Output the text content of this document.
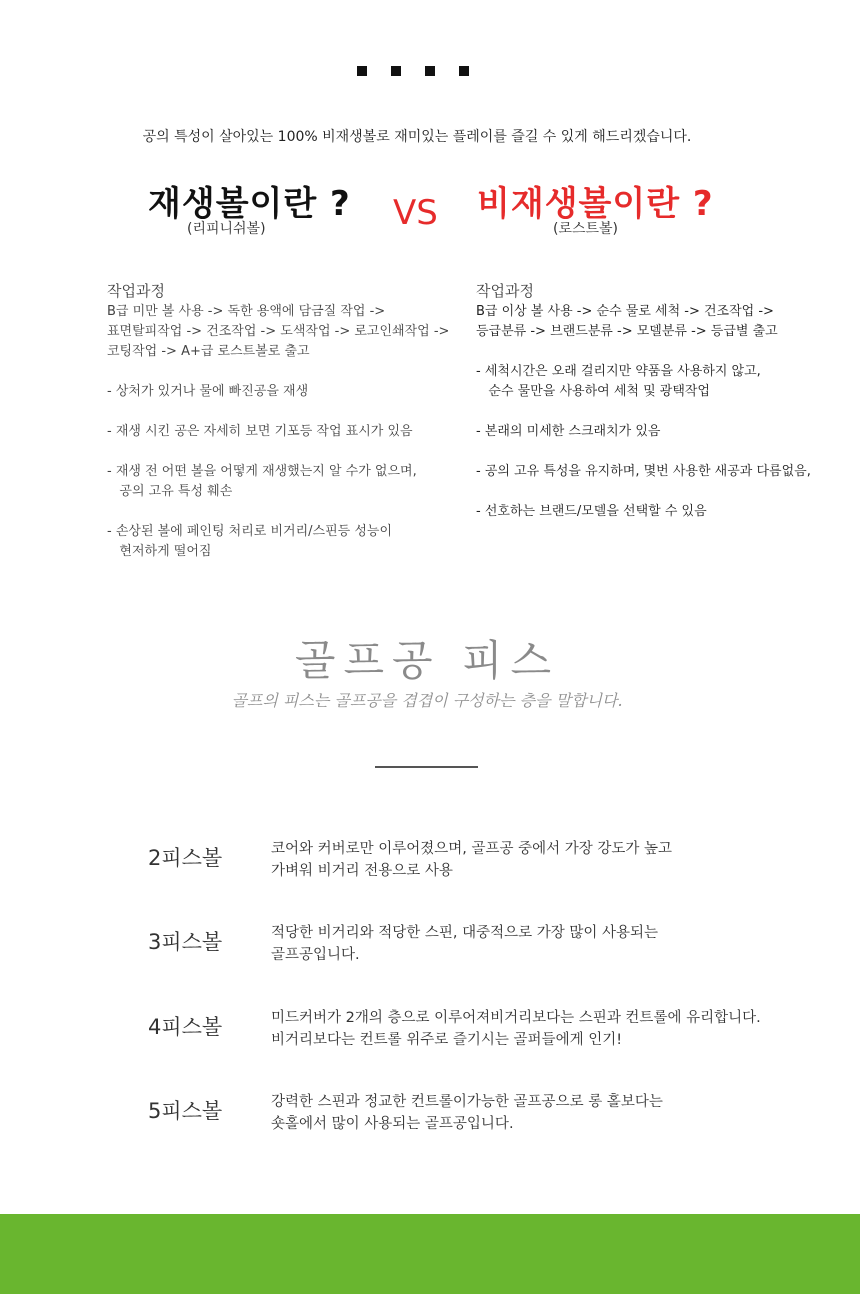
공의 특성이 살아있는 100% 비재생볼로 재미있는 플레이를 즐길 수 있게 해드리겠습니다.
재생볼이란 ?
(리피니쉬볼)	VS 비재생볼이란 ?
(로스트볼)
작업과정
B급 미만 볼 사용 -> 독한 용액에 담금질 작업 ->
표면탈피작업 -> 건조작업 -> 도색작업 -> 로고인쇄작업 ->
코팅작업 -> A+급 로스트볼로 출고
- 상처가 있거나 물에 빠진공을 재생
- 재생 시킨 공은 자세히 보면 기포등 작업 표시가 있음
- 재생 전 어떤 볼을 어떻게 재생했는지 알 수가 없으며,
공의 고유 특성 훼손
- 손상된 볼에 페인팅 처리로 비거리/스핀등 성능이
현저하게 떨어짐
작업과정
B급 이상 볼 사용 -> 순수 물로 세척 -> 건조작업 ->
등급분류 -> 브랜드분류 -> 모델분류 -> 등급별 출고
- 세척시간은 오래 걸리지만 약품을 사용하지 않고,
순수 물만을 사용하여 세척 및 광택작업
- 본래의 미세한 스크래치가 있음
- 공의 고유 특성을 유지하며, 몇번 사용한 새공과 다름없음,
- 선호하는 브랜드/모델을 선택할 수 있음
골프공 피스
골프의 피스는 골프공을 겹겹이 구성하는 층을 말합니다.
2피스볼	코어와 커버로만 이루어졌으며, 골프공 중에서 가장 강도가 높고
가벼워 비거리 전용으로 사용
3피스볼	적당한 비거리와 적당한 스핀, 대중적으로 가장 많이 사용되는
골프공입니다.
4피스볼	미드커버가 2개의 층으로 이루어져비거리보다는 스핀과 컨트롤에 유리합니다.
비거리보다는 컨트롤 위주로 즐기시는 골퍼들에게 인기!
5피스볼	강력한 스핀과 정교한 컨트롤이가능한 골프공으로 롱 홀보다는
숏홀에서 많이 사용되는 골프공입니다.
